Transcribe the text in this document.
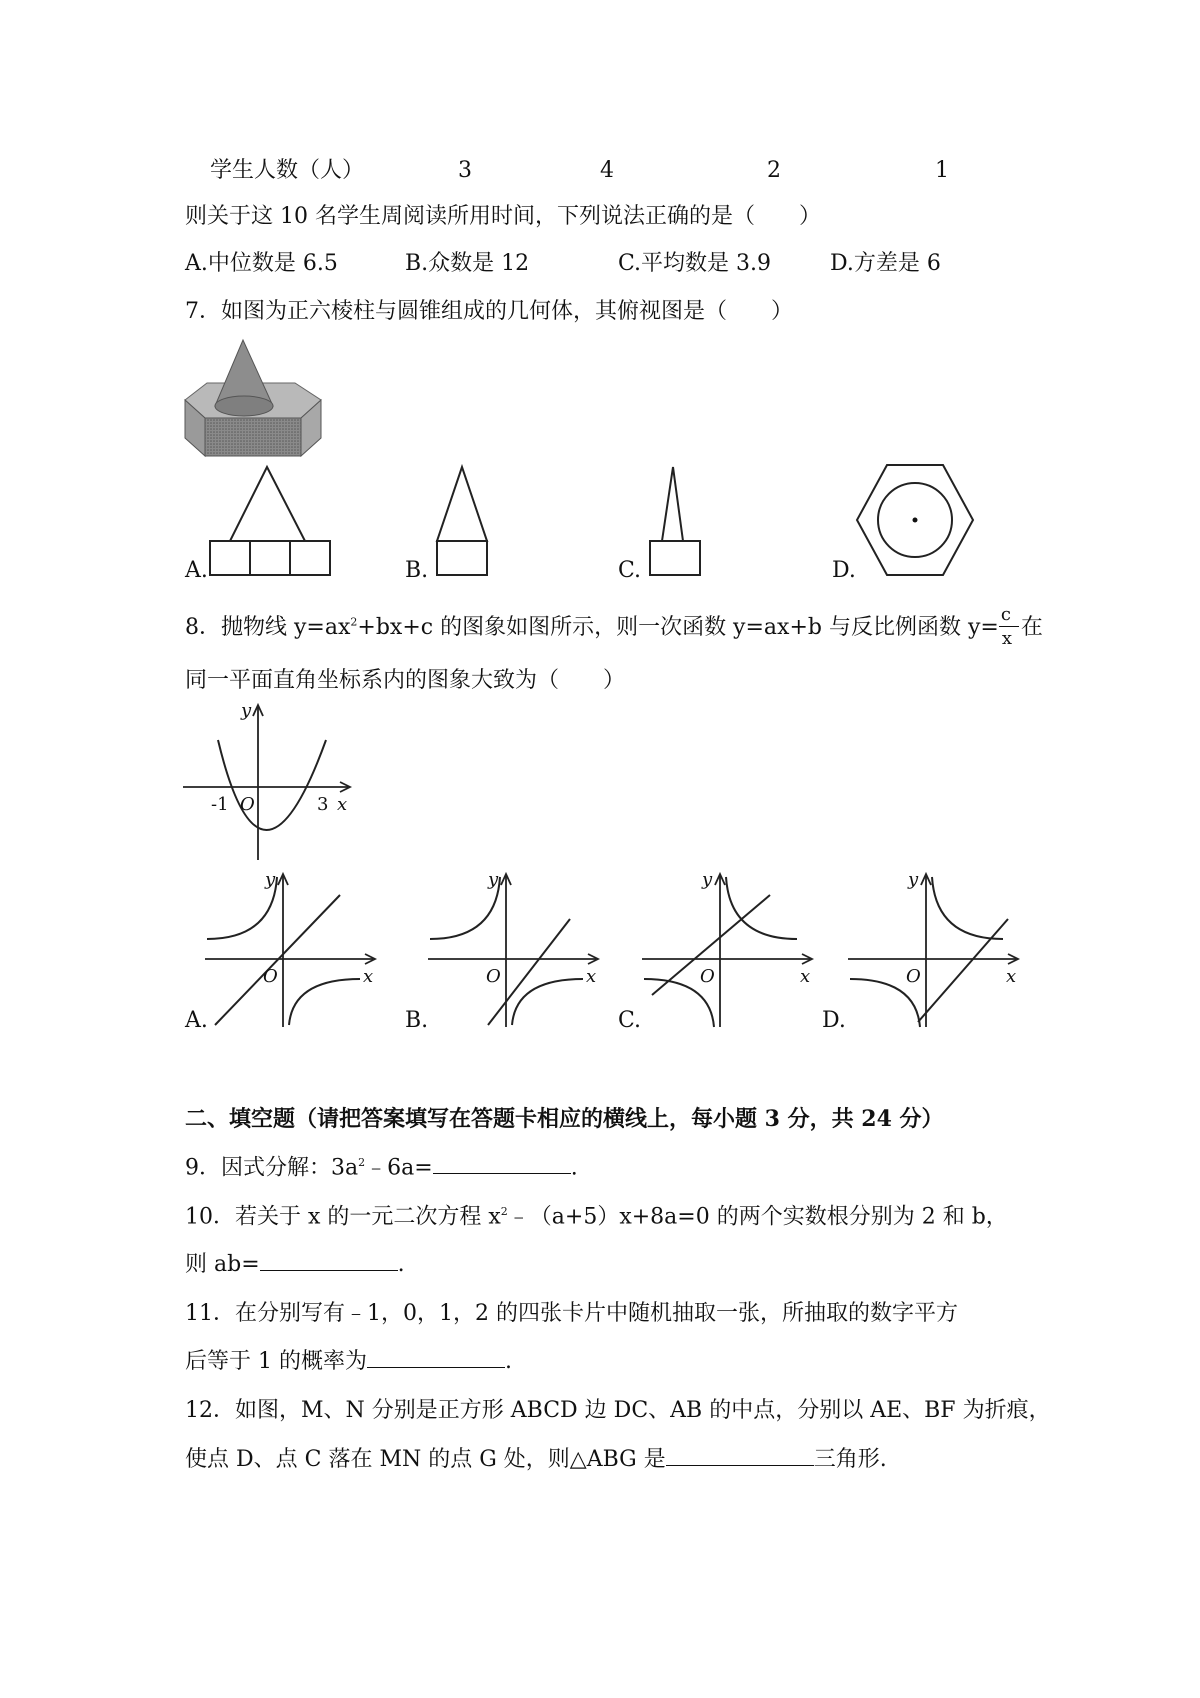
学生人数（人）	3	4	2	1
则关于这 10 名学生周阅读所用时间，下列说法正确的是（　　）
A.中位数是 6.5	B.众数是 12	C.平均数是 3.9	D.方差是 6
7．如图为正六棱柱与圆锥组成的几何体，其俯视图是（　　）
A.	B.	C.	D.
8．抛物线 $y=ax^2+bx+c$ 的图象如图所示，则一次函数 y=ax+b 与反比例函数 $y= \frac{c}{x}$ 在
同一平面直角坐标系内的图象大致为（　　）
y
x
O
-1	3
y
x
O
y
x
O
y
x
O
y
x
O
A.	B.	C.	D.
二、填空题（请把答案填写在答题卡相应的横线上，每小题 3 分，共 24 分）
9．因式分解：$3a^2﹣6a=$	.
10．若关于 x 的一元二次方程 $x^2﹣(a+5)x+8a=0$ 的两个实数根分别为 2 和 b，
则 ab=	.
11．在分别写有﹣1，0，1，2 的四张卡片中随机抽取一张，所抽取的数字平方
后等于 1 的概率为	.
12．如图，M、N 分别是正方形 ABCD 边 DC、AB 的中点，分别以 AE、BF 为折痕，
使点 D、点 C 落在 MN 的点 G 处，则△ABG 是	三角形.
